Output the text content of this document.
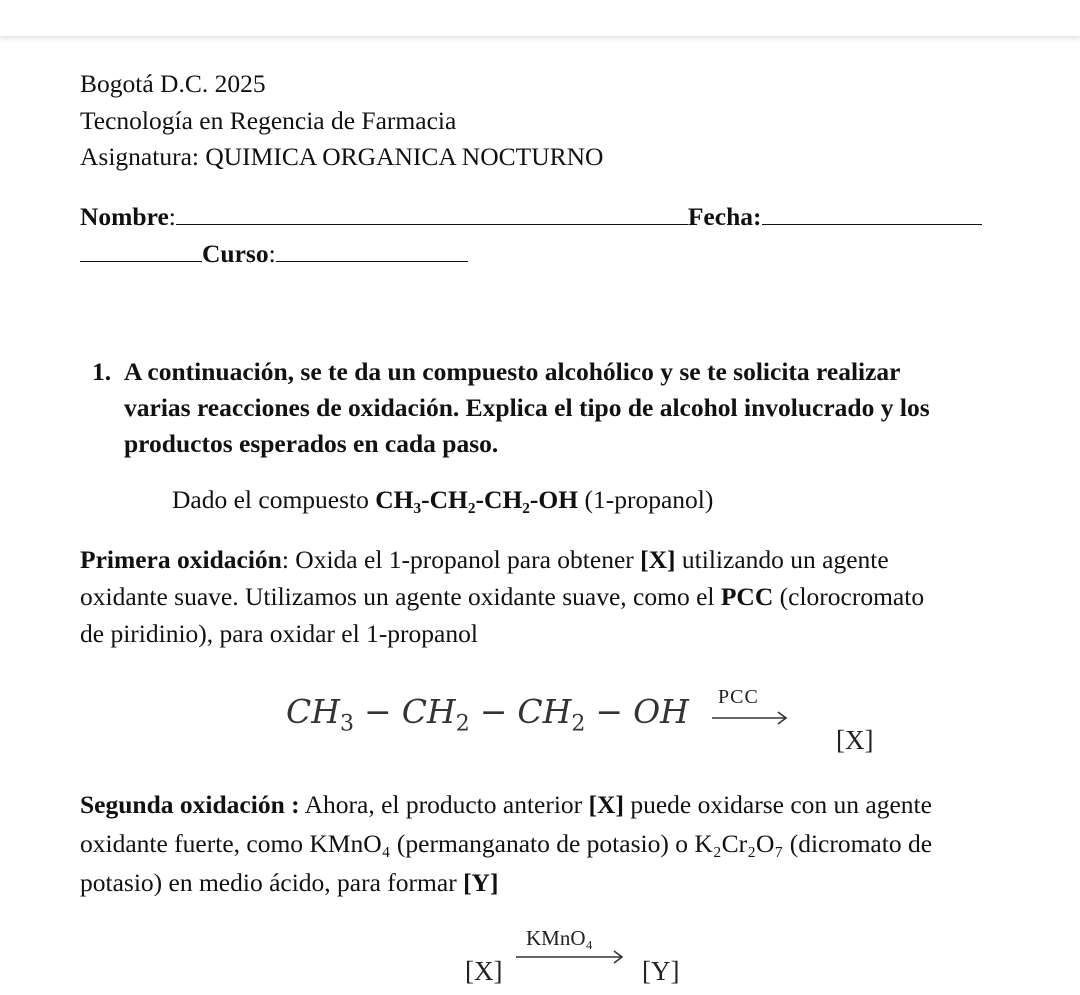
Bogotá D.C. 2025
Tecnología en Regencia de Farmacia
Asignatura: QUIMICA ORGANICA NOCTURNO
Nombre:	Fecha:
Curso:
1. A continuación, se te da un compuesto alcohólico y se te solicita realizar
varias reacciones de oxidación. Explica el tipo de alcohol involucrado y los
productos esperados en cada paso.
Dado el compuesto CH₃-CH₂-CH₂-OH (1-propanol)
Primera oxidación: Oxida el 1-propanol para obtener [X] utilizando un agente
oxidante suave. Utilizamos un agente oxidante suave, como el PCC (clorocromato
de piridinio), para oxidar el 1-propanol
$CH_3 - CH_2 - CH_2$ − OH PCC
[X]
Segunda oxidación : Ahora, el producto anterior [X] puede oxidarse con un agente
oxidante fuerte, como KMnO₄ (permanganato de potasio) o K₂Cr₂O₇ (dicromato de
potasio) en medio ácido, para formar [Y]
[X]
KMnO₄
[Y]
